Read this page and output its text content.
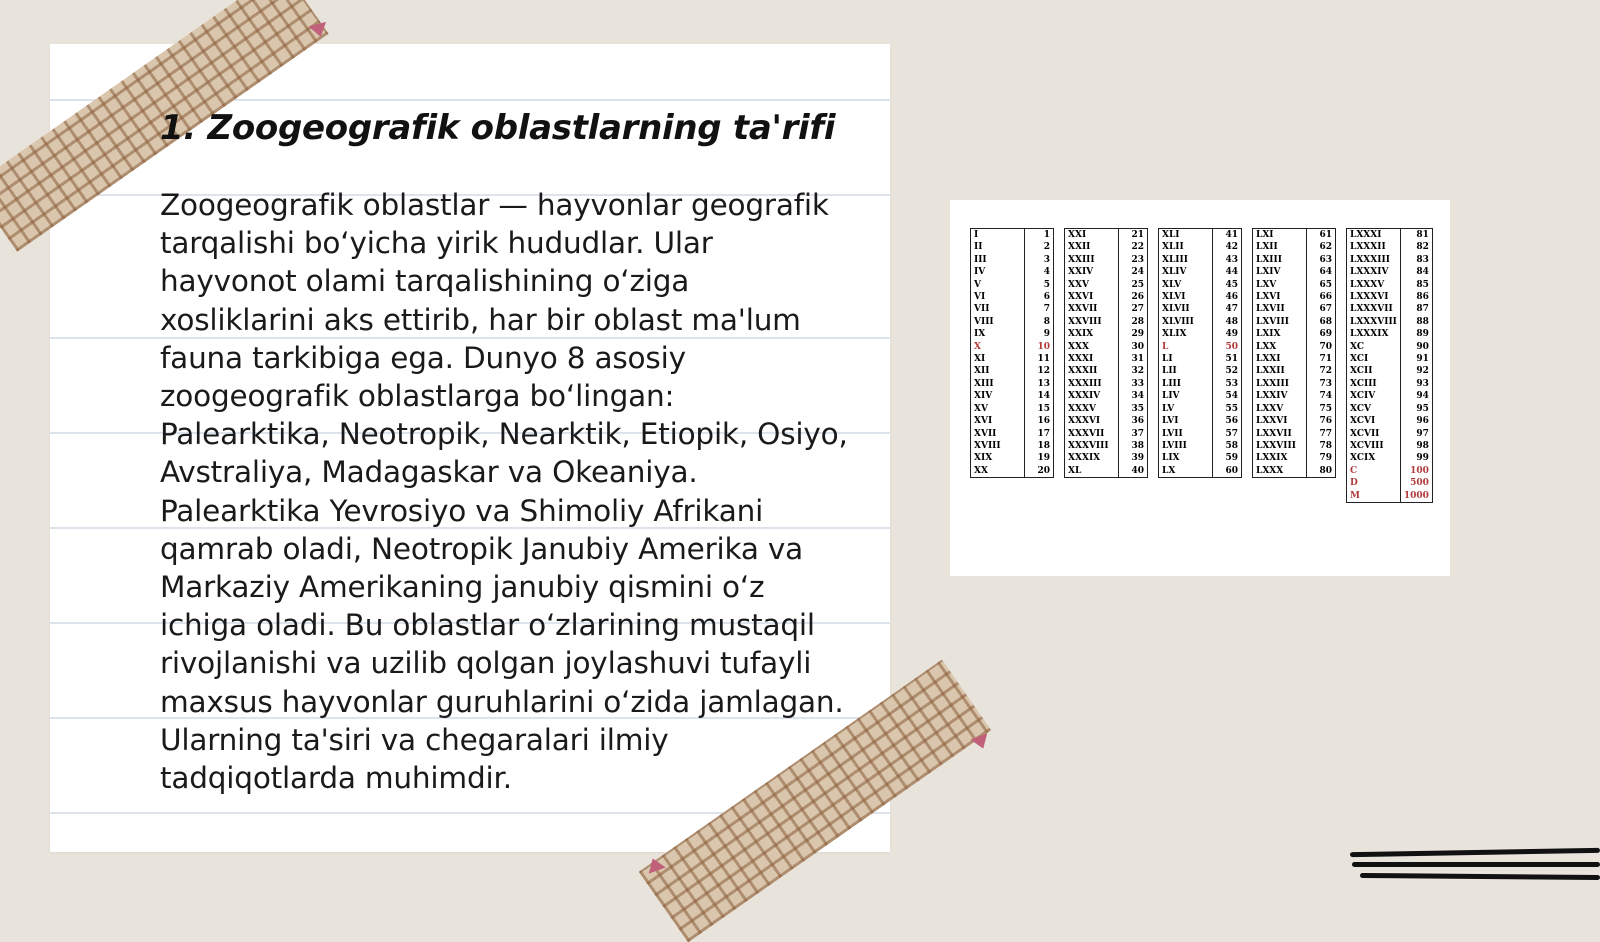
1. Zoogeografik oblastlarning ta'rifi

Zoogeografik oblastlar — hayvonlar geografik tarqalishi bo‘yicha yirik hududlar. Ular hayvonot olami tarqalishining o‘ziga xosliklarini aks ettirib, har bir oblast ma'lum fauna tarkibiga ega. Dunyo 8 asosiy zoogeografik oblastlarga bo‘lingan: Palearktika, Neotropik, Nearktik, Etiopik, Osiyo, Avstraliya, Madagaskar va Okeaniya. Palearktika Yevrosiyo va Shimoliy Afrikani qamrab oladi, Neotropik Janubiy Amerika va Markaziy Amerikaning janubiy qismini o‘z ichiga oladi. Bu oblastlar o‘zlarining mustaqil rivojlanishi va uzilib qolgan joylashuvi tufayli maxsus hayvonlar guruhlarini o‘zida jamlagan. Ularning ta'siri va chegaralari ilmiy tadqiqotlarda muhimdir.

I	1
II	2
III	3
IV	4
V	5
VI	6
VII	7
VIII	8
IX	9
X	10
XI	11
XII	12
XIII	13
XIV	14
XV	15
XVI	16
XVII	17
XVIII	18
XIX	19
XX	20
XXI	21
XXII	22
XXIII	23
XXIV	24
XXV	25
XXVI	26
XXVII	27
XXVIII	28
XXIX	29
XXX	30
XXXI	31
XXXII	32
XXXIII	33
XXXIV	34
XXXV	35
XXXVI	36
XXXVII	37
XXXVIII	38
XXXIX	39
XL	40
XLI	41
XLII	42
XLIII	43
XLIV	44
XLV	45
XLVI	46
XLVII	47
XLVIII	48
XLIX	49
L	50
LI	51
LII	52
LIII	53
LIV	54
LV	55
LVI	56
LVII	57
LVIII	58
LIX	59
LX	60
LXI	61
LXII	62
LXIII	63
LXIV	64
LXV	65
LXVI	66
LXVII	67
LXVIII	68
LXIX	69
LXX	70
LXXI	71
LXXII	72
LXXIII	73
LXXIV	74
LXXV	75
LXXVI	76
LXXVII	77
LXXVIII	78
LXXIX	79
LXXX	80
LXXXI	81
LXXXII	82
LXXXIII	83
LXXXIV	84
LXXXV	85
LXXXVI	86
LXXXVII	87
LXXXVIII	88
LXXXIX	89
XC	90
XCI	91
XCII	92
XCIII	93
XCIV	94
XCV	95
XCVI	96
XCVII	97
XCVIII	98
XCIX	99
C	100
D	500
M	1000
